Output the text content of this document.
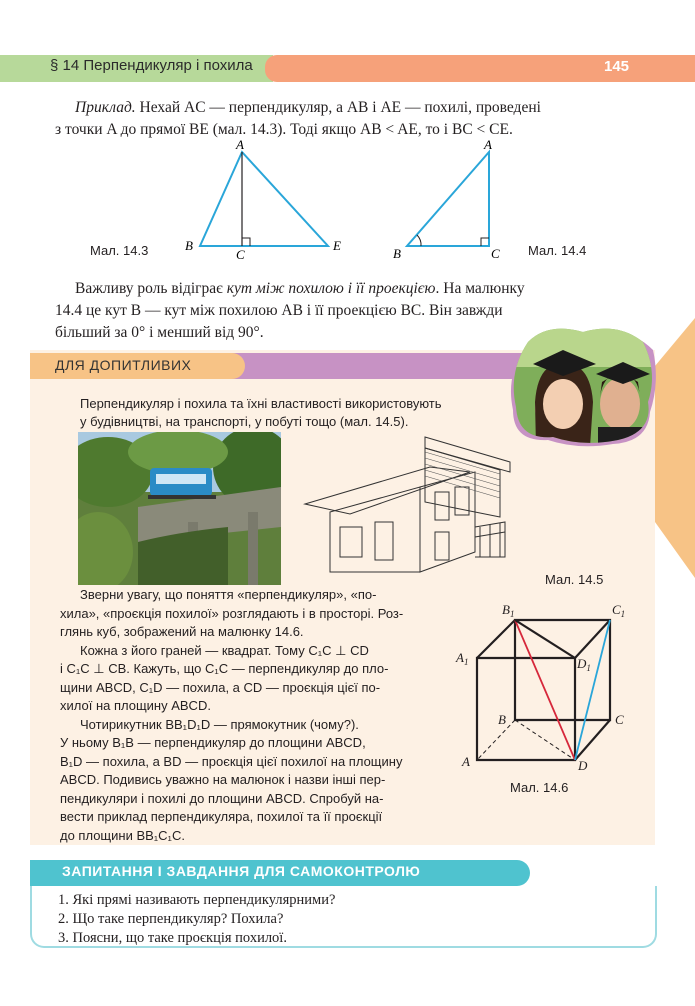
§ 14 Перпендикуляр і похила	145
Приклад. Нехай AC — перпендикуляр, а AB і AE — похилі, проведені
з точки A до прямої BE (мал. 14.3). Тоді якщо AB < AE, то і BC < CE.
A
B
C
E
Мал. 14.3
A
B	C Мал. 14.4
Важливу роль відіграє кут між похилою і її проекцією. На малюнку
14.4 це кут B — кут між похилою AB і її проекцією BC. Він завжди
більший за 0° і менший від 90°.
ДЛЯ ДОПИТЛИВИХ
Перпендикуляр і похила та їхні властивості використовують
у будівництві, на транспорті, у побуті тощо (мал. 14.5).
Мал. 14.5
Зверни увагу, що поняття «перпендикуляр», «по-
хила», «проєкція похилої» розглядають і в просторі. Роз-
глянь куб, зображений на малюнку 14.6.
Кожна з його граней — квадрат. Тому C₁C ⊥ CD
і C₁C ⊥ CB. Кажуть, що C₁C — перпендикуляр до пло-
щини ABCD, C₁D — похила, а CD — проєкція цієї по-
хилої на площину ABCD.
Чотирикутник BB₁D₁D — прямокутник (чому?).
У ньому B₁B — перпендикуляр до площини ABCD,
B₁D — похила, а BD — проєкція цієї похилої на площину
ABCD. Подивись уважно на малюнок і назви інші пер-
пендикуляри і похилі до площини ABCD. Спробуй на-
вести приклад перпендикуляра, похилої та її проєкції
до площини BB₁C₁C.
$B_1$	$C_1$
$A_1$	$D_1$
B	C
A	D
Мал. 14.6
ЗАПИТАННЯ І ЗАВДАННЯ ДЛЯ САМОКОНТРОЛЮ
1. Які прямі називають перпендикулярними?
2. Що таке перпендикуляр? Похила?
3. Поясни, що таке проєкція похилої.
